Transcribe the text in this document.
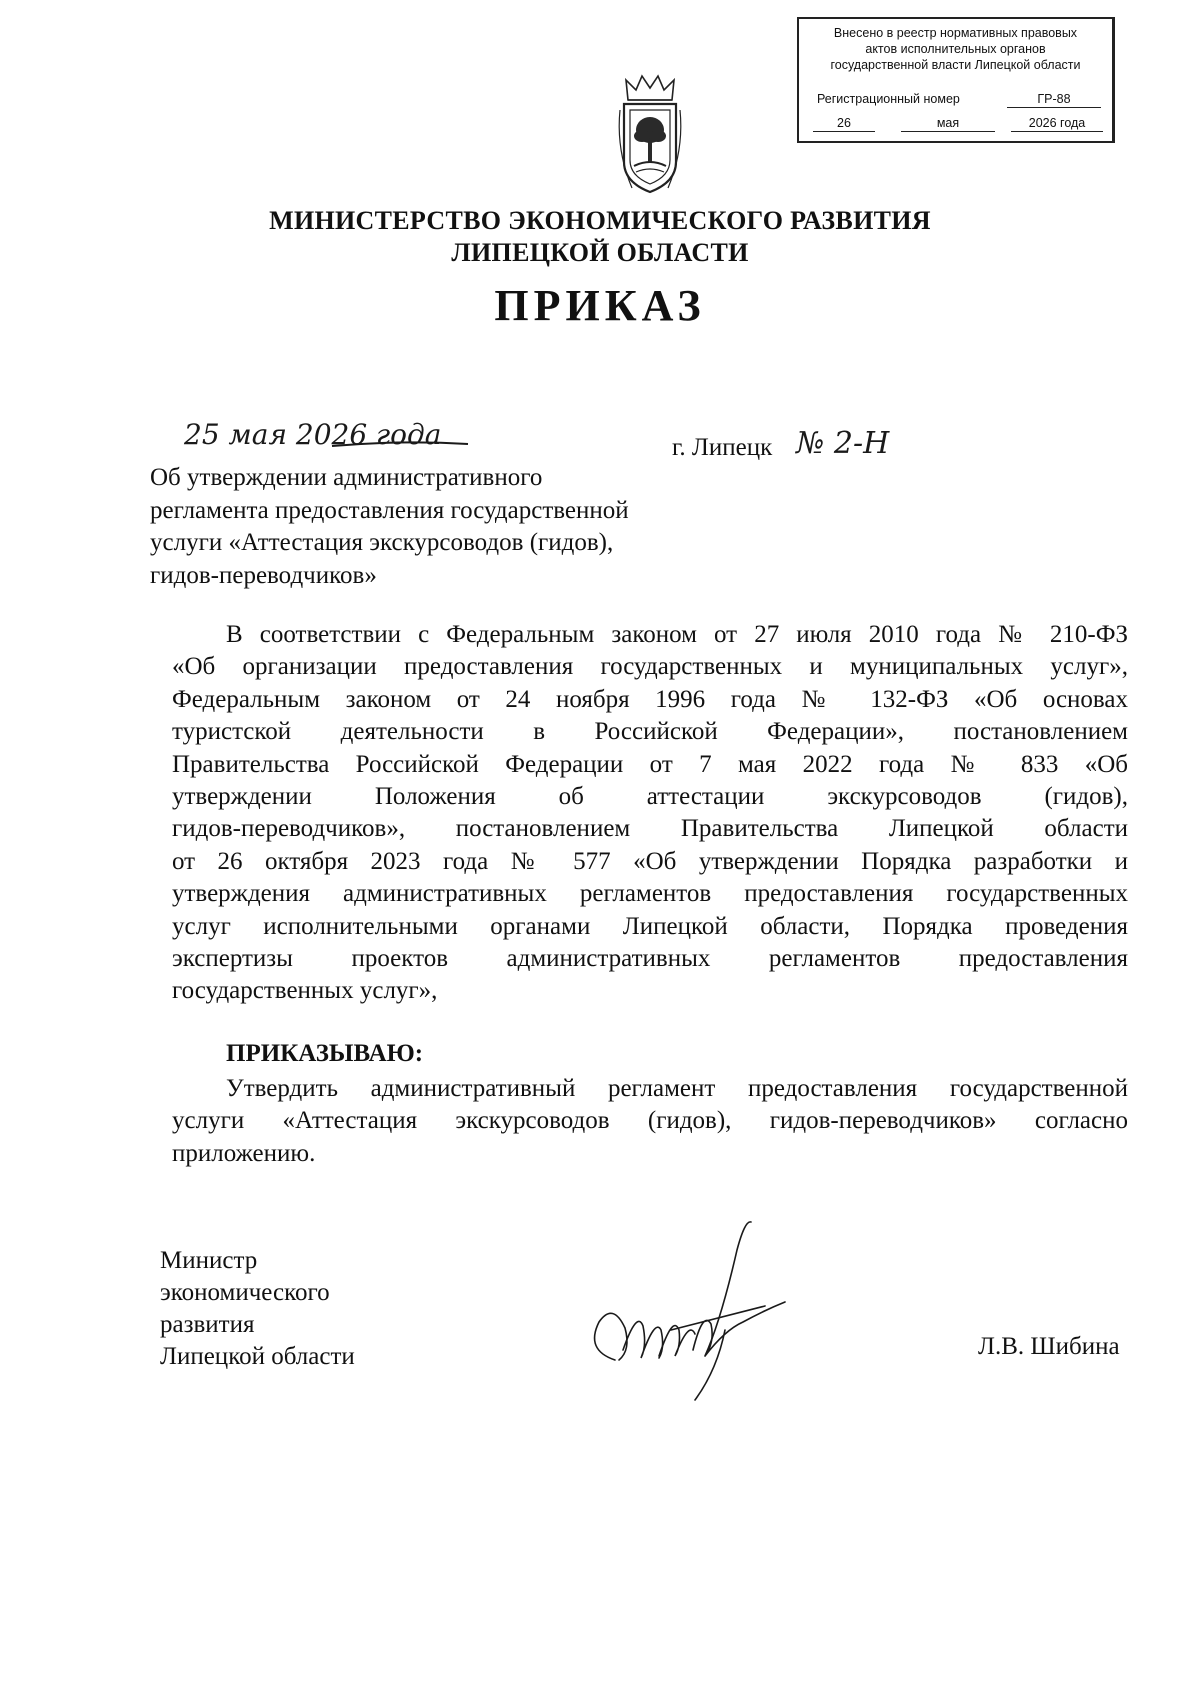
Внесено в реестр нормативных правовых
актов исполнительных органов
государственной власти Липецкой области
Регистрационный номер	ГР-88
26	мая	2026 года
МИНИСТЕРСТВО ЭКОНОМИЧЕСКОГО РАЗВИТИЯ
ЛИПЕЦКОЙ ОБЛАСТИ
ПРИКАЗ
25 мая 2026 года	г. Липецк № 2-Н
Об утверждении административного
регламента предоставления государственной
услуги «Аттестация экскурсоводов (гидов),
гидов-переводчиков»
В соответствии с Федеральным законом от 27 июля 2010 года № 210-ФЗ
«Об организации предоставления государственных и муниципальных услуг»,
Федеральным законом от 24 ноября 1996 года № 132-ФЗ «Об основах
туристской деятельности в Российской Федерации», постановлением
Правительства Российской Федерации от 7 мая 2022 года № 833 «Об
утверждении Положения об аттестации экскурсоводов (гидов),
гидов-переводчиков», постановлением Правительства Липецкой области
от 26 октября 2023 года № 577 «Об утверждении Порядка разработки и
утверждения административных регламентов предоставления государственных
услуг исполнительными органами Липецкой области, Порядка проведения
экспертизы проектов административных регламентов предоставления
государственных услуг»,
ПРИКАЗЫВАЮ:
Утвердить административный регламент предоставления государственной
услуги «Аттестация экскурсоводов (гидов), гидов-переводчиков» согласно
приложению.
Министр
экономического
развития
Липецкой области	Л.В. Шибина
